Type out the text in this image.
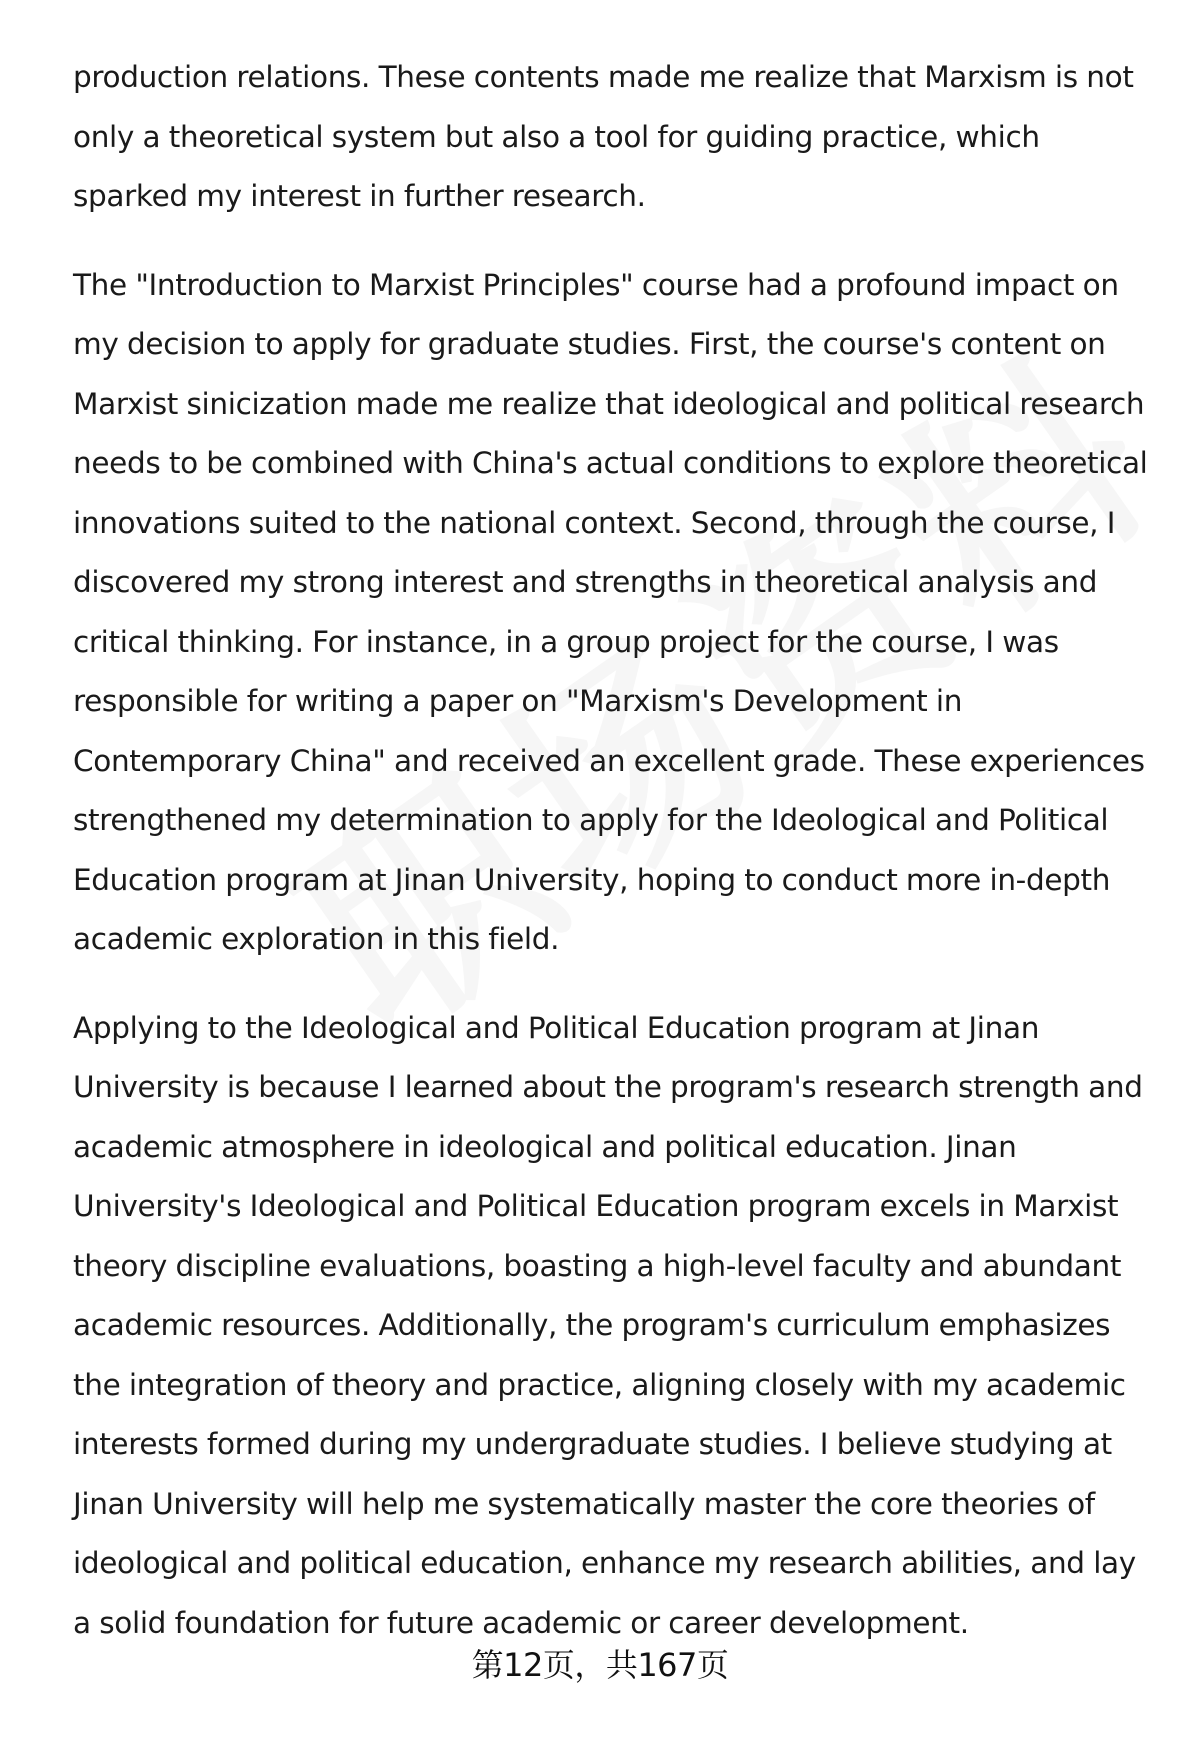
production relations. These contents made me realize that Marxism is not only a theoretical system but also a tool for guiding practice, which sparked my interest in further research.

The "Introduction to Marxist Principles" course had a profound impact on my decision to apply for graduate studies. First, the course's content on Marxist sinicization made me realize that ideological and political research needs to be combined with China's actual conditions to explore theoretical innovations suited to the national context. Second, through the course, I discovered my strong interest and strengths in theoretical analysis and critical thinking. For instance, in a group project for the course, I was responsible for writing a paper on "Marxism's Development in Contemporary China" and received an excellent grade. These experiences strengthened my determination to apply for the Ideological and Political Education program at Jinan University, hoping to conduct more in-depth academic exploration in this field.

Applying to the Ideological and Political Education program at Jinan University is because I learned about the program's research strength and academic atmosphere in ideological and political education. Jinan University's Ideological and Political Education program excels in Marxist theory discipline evaluations, boasting a high-level faculty and abundant academic resources. Additionally, the program's curriculum emphasizes the integration of theory and practice, aligning closely with my academic interests formed during my undergraduate studies. I believe studying at Jinan University will help me systematically master the core theories of ideological and political education, enhance my research abilities, and lay a solid foundation for future academic or career development.

第12页，共167页
